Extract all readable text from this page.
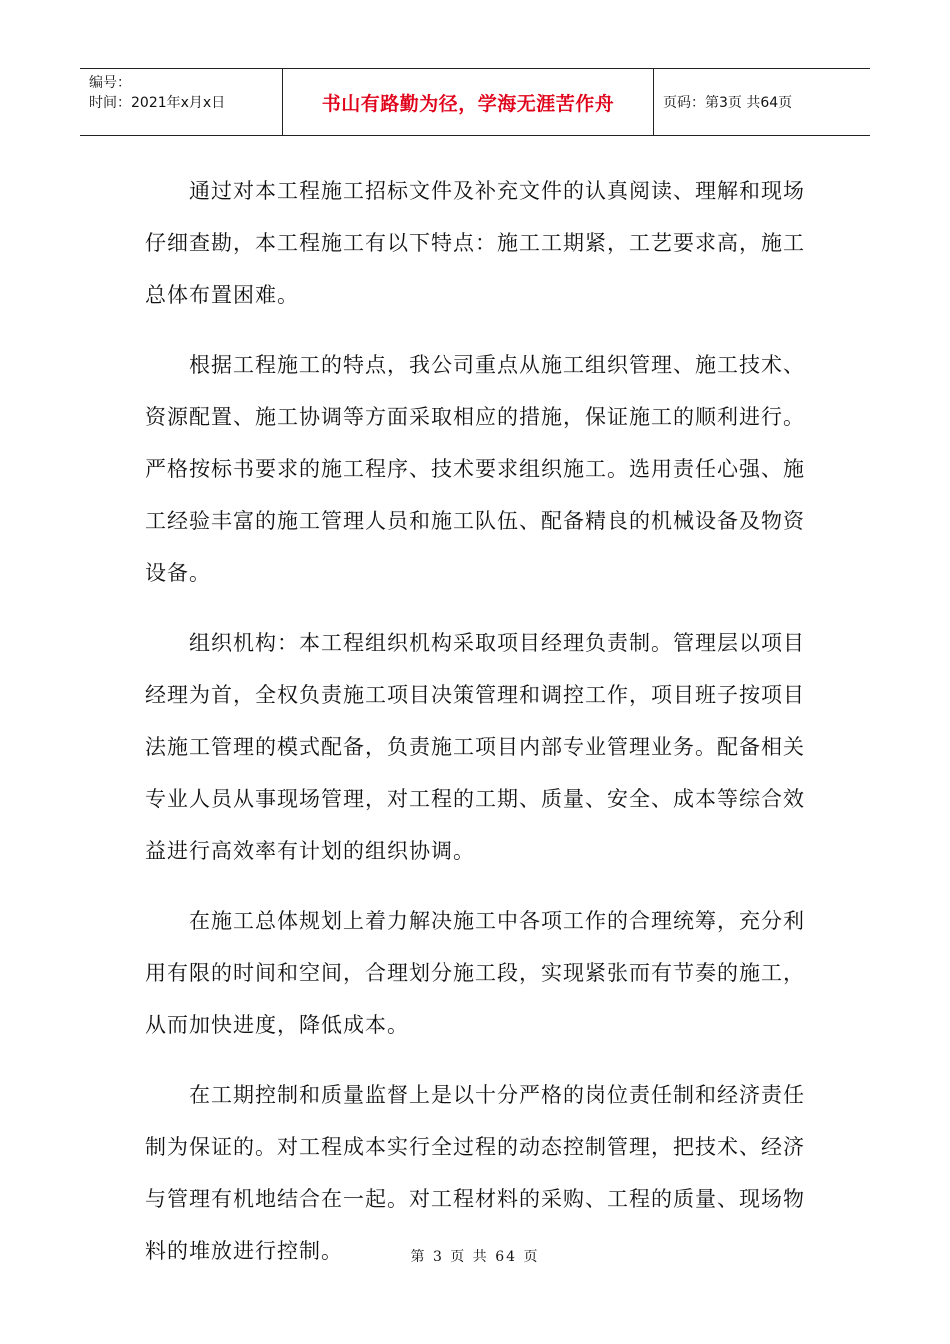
编号：
时间：2021年x月x日	书山有路勤为径，学海无涯苦作舟	页码：第3页 共64页

通过对本工程施工招标文件及补充文件的认真阅读、理解和现场仔细查勘，本工程施工有以下特点：施工工期紧，工艺要求高，施工总体布置困难。

根据工程施工的特点，我公司重点从施工组织管理、施工技术、资源配置、施工协调等方面采取相应的措施，保证施工的顺利进行。严格按标书要求的施工程序、技术要求组织施工。选用责任心强、施工经验丰富的施工管理人员和施工队伍、配备精良的机械设备及物资设备。

组织机构：本工程组织机构采取项目经理负责制。管理层以项目经理为首，全权负责施工项目决策管理和调控工作，项目班子按项目法施工管理的模式配备，负责施工项目内部专业管理业务。配备相关专业人员从事现场管理，对工程的工期、质量、安全、成本等综合效益进行高效率有计划的组织协调。

在施工总体规划上着力解决施工中各项工作的合理统筹，充分利用有限的时间和空间，合理划分施工段，实现紧张而有节奏的施工，从而加快进度，降低成本。

在工期控制和质量监督上是以十分严格的岗位责任制和经济责任制为保证的。对工程成本实行全过程的动态控制管理，把技术、经济与管理有机地结合在一起。对工程材料的采购、工程的质量、现场物料的堆放进行控制。	第 3 页 共 64 页
